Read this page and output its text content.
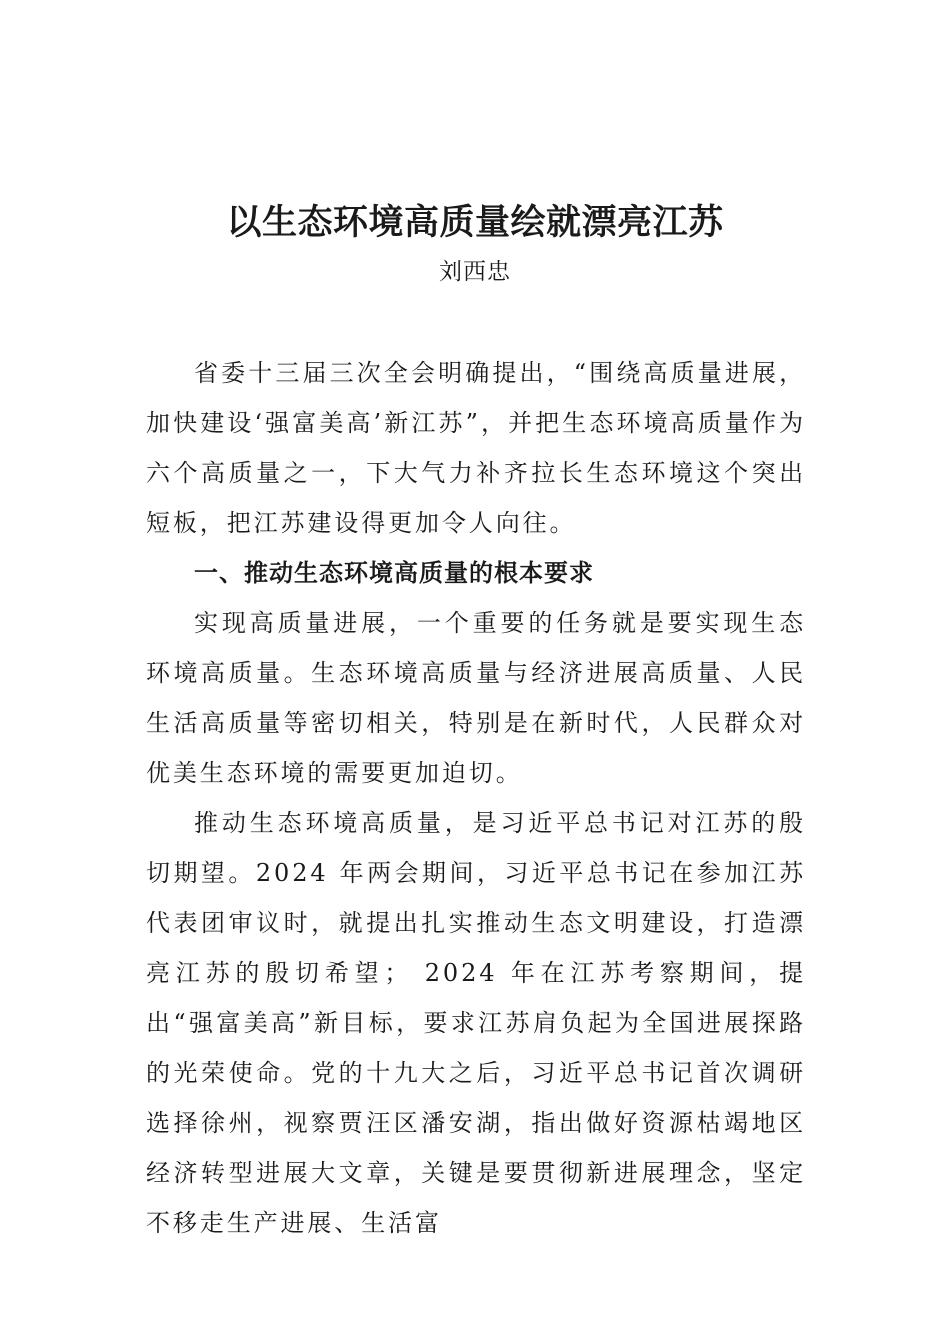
以生态环境高质量绘就漂亮江苏
刘西忠

省委十三届三次全会明确提出，“围绕高质量进展，加快建设‘强富美高’新江苏”，并把生态环境高质量作为六个高质量之一，下大气力补齐拉长生态环境这个突出短板，把江苏建设得更加令人向往。

一、推动生态环境高质量的根本要求

实现高质量进展，一个重要的任务就是要实现生态环境高质量。生态环境高质量与经济进展高质量、人民生活高质量等密切相关，特别是在新时代，人民群众对优美生态环境的需要更加迫切。

推动生态环境高质量，是习近平总书记对江苏的殷切期望。2024 年两会期间，习近平总书记在参加江苏代表团审议时，就提出扎实推动生态文明建设，打造漂亮江苏的殷切希望； 2024 年在江苏考察期间，提出“强富美高”新目标，要求江苏肩负起为全国进展探路的光荣使命。党的十九大之后，习近平总书记首次调研选择徐州，视察贾汪区潘安湖，指出做好资源枯竭地区经济转型进展大文章，关键是要贯彻新进展理念，坚定不移走生产进展、生活富
